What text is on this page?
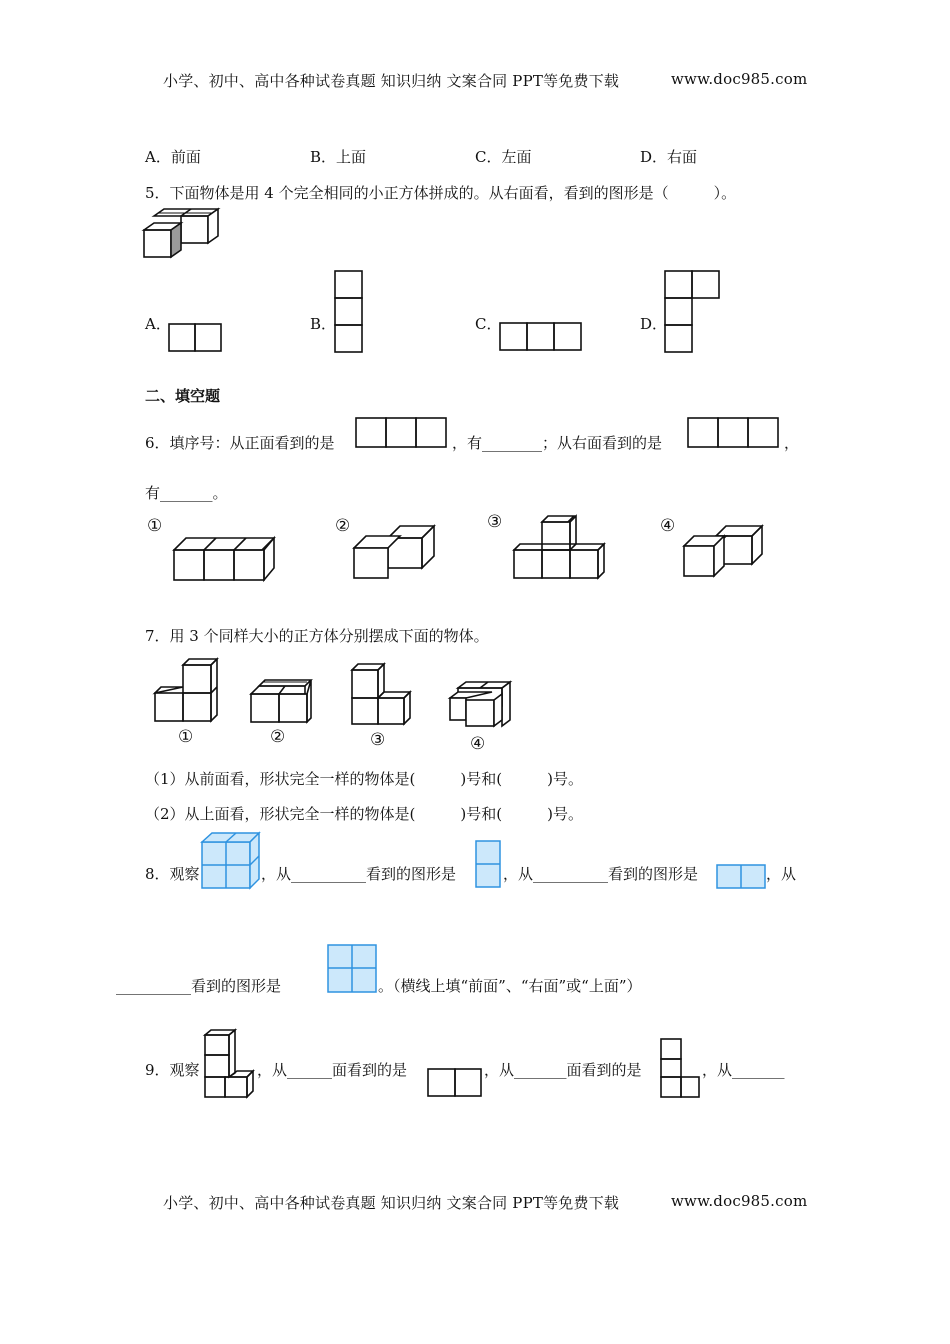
小学、初中、高中各种试卷真题 知识归纳 文案合同 PPT等免费下载	www.doc985.com
A．前面	B．上面	C．左面	D．右面
5．下面物体是用 4 个完全相同的小正方体拼成的。从右面看，看到的图形是（　　　）。
A．	B．	C．	D．
二、填空题
6．填序号：从正面看到的是	，有________；从右面看到的是	，
有_______。
①	②	③	④
7．用 3 个同样大小的正方体分别摆成下面的物体。
①	②	③	④
（1）从前面看，形状完全一样的物体是(　　　)号和(　　　)号。
（2）从上面看，形状完全一样的物体是(　　　)号和(　　　)号。
8．观察	，从__________看到的图形是	，从__________看到的图形是	，从
__________看到的图形是	。（横线上填“前面”、“右面”或“上面”）
9．观察	，从______面看到的是	，从_______面看到的是	，从_______
小学、初中、高中各种试卷真题 知识归纳 文案合同 PPT等免费下载	www.doc985.com
